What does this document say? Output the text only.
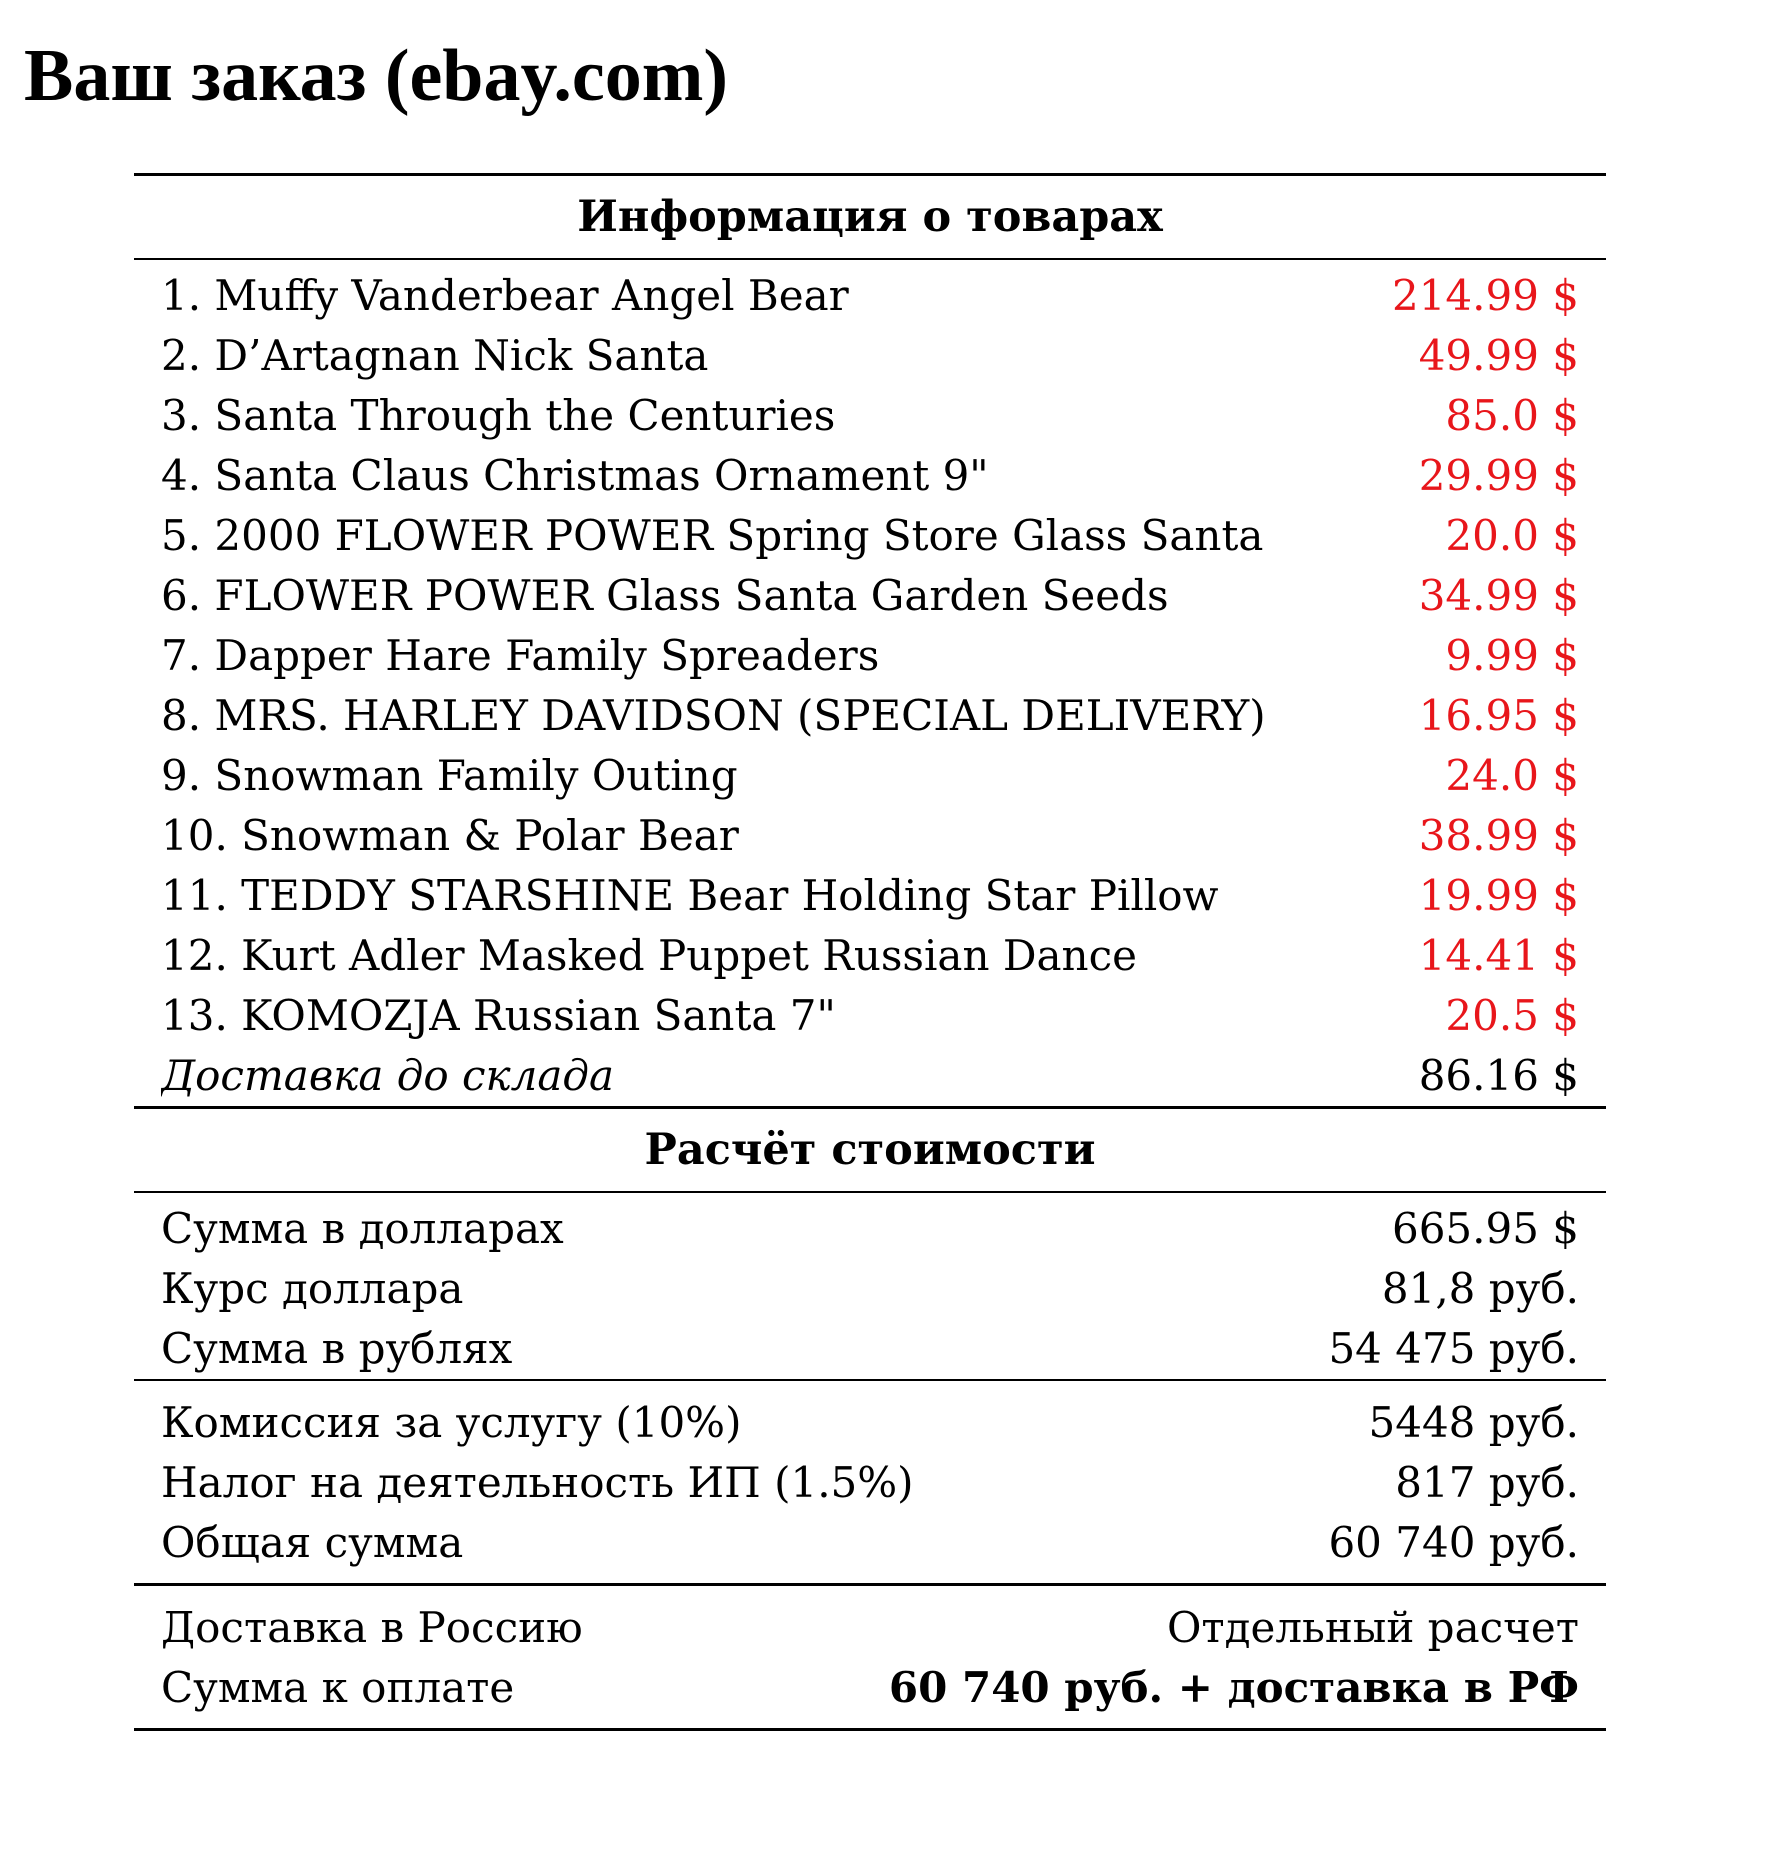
Ваш заказ (ebay.com)
Информация о товарах
1. Muffy Vanderbear Angel Bear	214.99 $
2. D’Artagnan Nick Santa	49.99 $
3. Santa Through the Centuries	85.0 $
4. Santa Claus Christmas Ornament 9"	29.99 $
5. 2000 FLOWER POWER Spring Store Glass Santa	20.0 $
6. FLOWER POWER Glass Santa Garden Seeds	34.99 $
7. Dapper Hare Family Spreaders	9.99 $
8. MRS. HARLEY DAVIDSON (SPECIAL DELIVERY)	16.95 $
9. Snowman Family Outing	24.0 $
10. Snowman & Polar Bear	38.99 $
11. TEDDY STARSHINE Bear Holding Star Pillow	19.99 $
12. Kurt Adler Masked Puppet Russian Dance	14.41 $
13. KOMOZJA Russian Santa 7"	20.5 $
Доставка до склада	86.16 $
Расчёт стоимости
Сумма в долларах	665.95 $
Курс доллара	81,8 руб.
Сумма в рублях	54 475 руб.
Комиссия за услугу (10%)	5448 руб.
Налог на деятельность ИП (1.5%)	817 руб.
Общая сумма	60 740 руб.
Доставка в Россию	Отдельный расчет
Сумма к оплате	60 740 руб. + доставка в РФ
